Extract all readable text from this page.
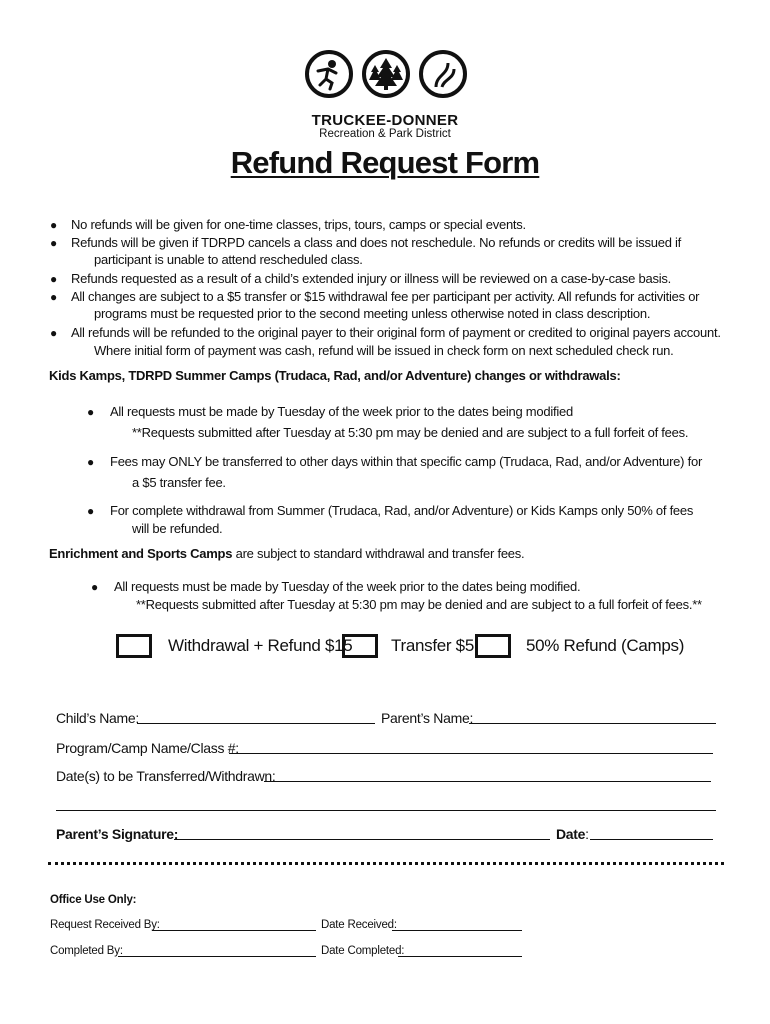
TRUCKEE-DONNER
Recreation & Park District
Refund Request Form
● No refunds will be given for one-time classes, trips, tours, camps or special events.
● Refunds will be given if TDRPD cancels a class and does not reschedule. No refunds or credits will be issued if
participant is unable to attend rescheduled class.
● Refunds requested as a result of a child’s extended injury or illness will be reviewed on a case-by-case basis.
● All changes are subject to a $5 transfer or $15 withdrawal fee per participant per activity. All refunds for activities or
programs must be requested prior to the second meeting unless otherwise noted in class description.
● All refunds will be refunded to the original payer to their original form of payment or credited to original payers account.
Where initial form of payment was cash, refund will be issued in check form on next scheduled check run.
Kids Kamps, TDRPD Summer Camps (Trudaca, Rad, and/or Adventure) changes or withdrawals:
● All requests must be made by Tuesday of the week prior to the dates being modified
**Requests submitted after Tuesday at 5:30 pm may be denied and are subject to a full forfeit of fees.
● Fees may ONLY be transferred to other days within that specific camp (Trudaca, Rad, and/or Adventure) for
a $5 transfer fee.
● For complete withdrawal from Summer (Trudaca, Rad, and/or Adventure) or Kids Kamps only 50% of fees
will be refunded.
Enrichment and Sports Camps are subject to standard withdrawal and transfer fees.
● All requests must be made by Tuesday of the week prior to the dates being modified.
**Requests submitted after Tuesday at 5:30 pm may be denied and are subject to a full forfeit of fees.**
Withdrawal + Refund $15 Transfer $5	50% Refund (Camps)
Child’s Name:	Parent’s Name:
Program/Camp Name/Class #:
Date(s) to be Transferred/Withdrawn:
Parent’s Signature:	Date:
Office Use Only:
Request Received By:	Date Received:
Completed By:	Date Completed:
